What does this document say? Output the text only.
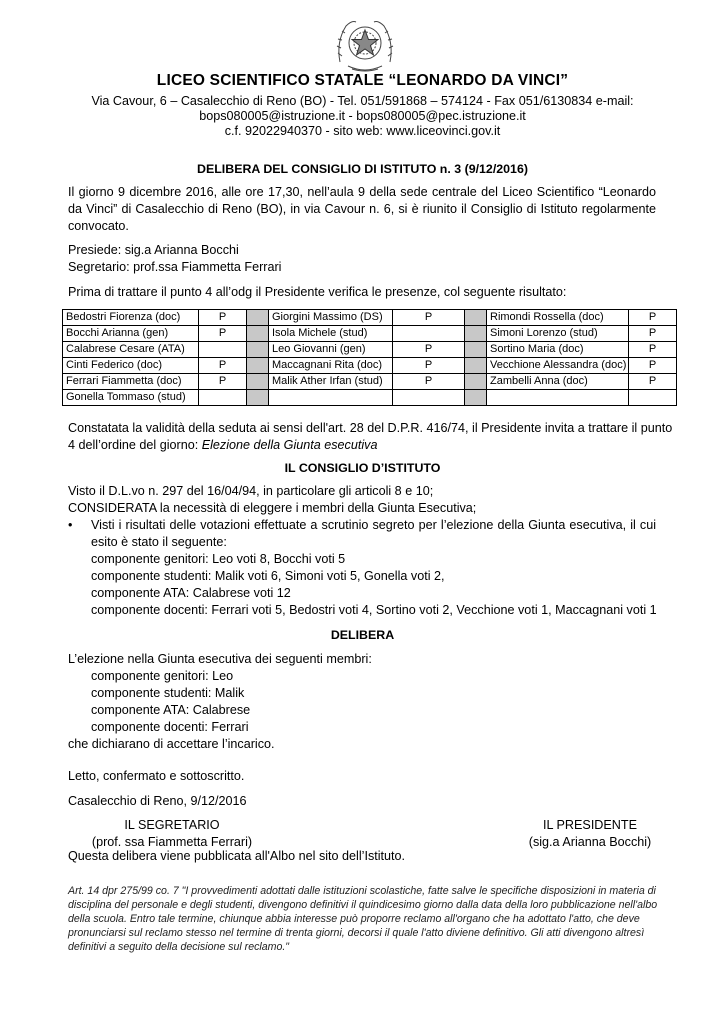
LICEO SCIENTIFICO STATALE “LEONARDO DA VINCI”
Via Cavour, 6 – Casalecchio di Reno (BO) - Tel. 051/591868 – 574124 - Fax 051/6130834 e-mail:
bops080005@istruzione.it - bops080005@pec.istruzione.it
c.f. 92022940370 - sito web: www.liceovinci.gov.it
DELIBERA DEL CONSIGLIO DI ISTITUTO n. 3 (9/12/2016)
Il giorno 9 dicembre 2016, alle ore 17,30, nell’aula 9 della sede centrale del Liceo Scientifico “Leonardo da Vinci” di Casalecchio di Reno (BO), in via Cavour n. 6, si è riunito il Consiglio di Istituto regolarmente convocato.
Presiede: sig.a Arianna Bocchi
Segretario: prof.ssa Fiammetta Ferrari
Prima di trattare il punto 4 all’odg il Presidente verifica le presenze, col seguente risultato:
Bedostri Fiorenza (doc)	P		Giorgini Massimo (DS)	P		Rimondi Rossella (doc)	P
Bocchi Arianna (gen)	P		Isola Michele (stud)			Simoni Lorenzo (stud)	P
Calabrese Cesare (ATA)			Leo Giovanni (gen)	P		Sortino Maria (doc)	P
Cinti Federico (doc)	P		Maccagnani Rita (doc)	P		Vecchione Alessandra (doc)	P
Ferrari Fiammetta (doc)	P		Malik Ather Irfan (stud)	P		Zambelli Anna (doc)	P
Gonella Tommaso (stud)							
Constatata la validità della seduta ai sensi dell'art. 28 del D.P.R. 416/74, il Presidente invita a trattare il punto
4 dell’ordine del giorno: Elezione della Giunta esecutiva
IL CONSIGLIO D’ISTITUTO
Visto il D.L.vo n. 297 del 16/04/94, in particolare gli articoli 8 e 10;
CONSIDERATA la necessità di eleggere i membri della Giunta Esecutiva;
• Visti i risultati delle votazioni effettuate a scrutinio segreto per l’elezione della Giunta esecutiva, il cui esito è stato il seguente:
componente genitori: Leo voti 8, Bocchi voti 5
componente studenti: Malik voti 6, Simoni voti 5, Gonella voti 2,
componente ATA: Calabrese voti 12
componente docenti: Ferrari voti 5, Bedostri voti 4, Sortino voti 2, Vecchione voti 1, Maccagnani voti 1
DELIBERA
L’elezione nella Giunta esecutiva dei seguenti membri:
componente genitori: Leo
componente studenti: Malik
componente ATA: Calabrese
componente docenti: Ferrari
che dichiarano di accettare l’incarico.
Letto, confermato e sottoscritto.
Casalecchio di Reno, 9/12/2016
IL SEGRETARIO
(prof. ssa Fiammetta Ferrari)
IL PRESIDENTE
(sig.a Arianna Bocchi)
Questa delibera viene pubblicata all'Albo nel sito dell’Istituto.
Art. 14 dpr 275/99 co. 7 "I provvedimenti adottati dalle istituzioni scolastiche, fatte salve le specifiche disposizioni in materia di disciplina del personale e degli studenti, divengono definitivi il quindicesimo giorno dalla data della loro pubblicazione nell'albo della scuola. Entro tale termine, chiunque abbia interesse può proporre reclamo all'organo che ha adottato l'atto, che deve pronunciarsi sul reclamo stesso nel termine di trenta giorni, decorsi il quale l'atto diviene definitivo. Gli atti divengono altresì definitivi a seguito della decisione sul reclamo."
